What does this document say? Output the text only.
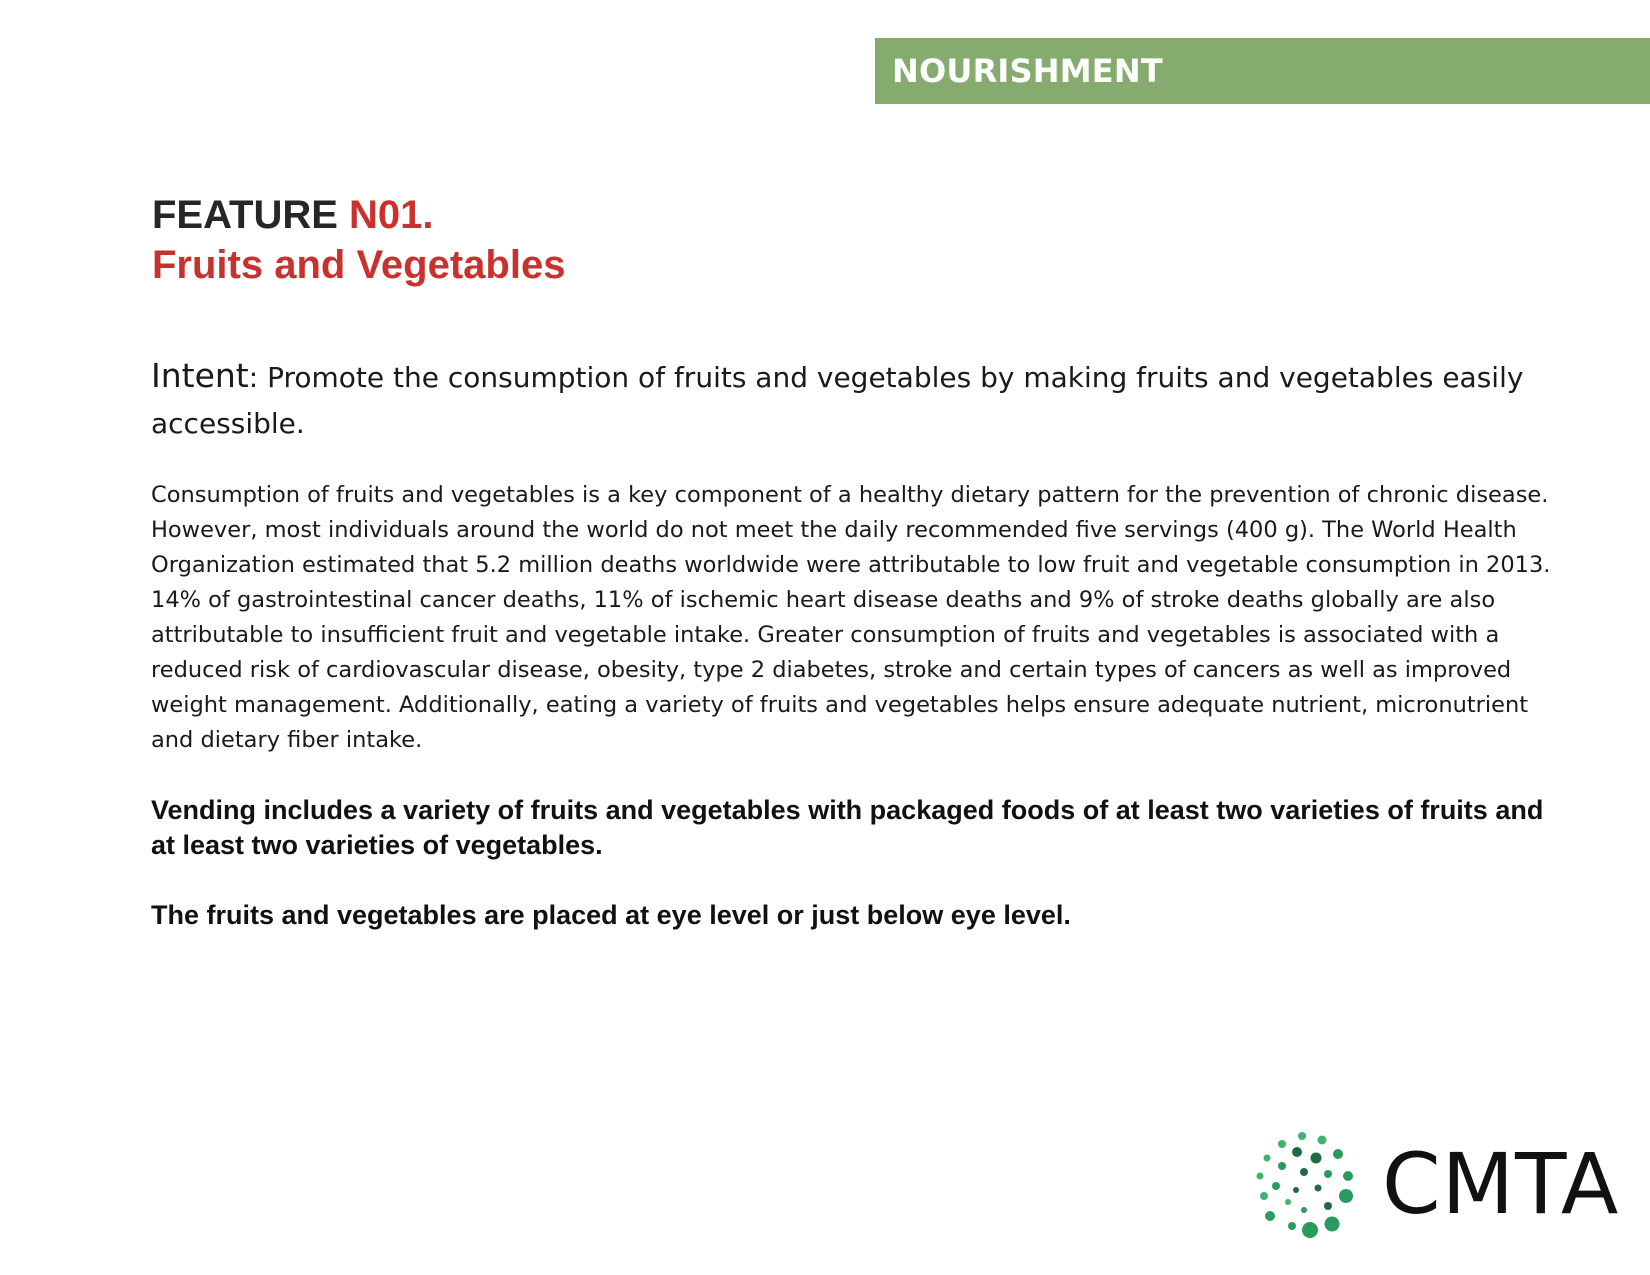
NOURISHMENT
FEATURE N01.
Fruits and Vegetables
Intent: Promote the consumption of fruits and vegetables by making fruits and vegetables easily accessible.

Consumption of fruits and vegetables is a key component of a healthy dietary pattern for the prevention of chronic disease. However, most individuals around the world do not meet the daily recommended five servings (400 g). The World Health Organization estimated that 5.2 million deaths worldwide were attributable to low fruit and vegetable consumption in 2013. 14% of gastrointestinal cancer deaths, 11% of ischemic heart disease deaths and 9% of stroke deaths globally are also attributable to insufficient fruit and vegetable intake. Greater consumption of fruits and vegetables is associated with a reduced risk of cardiovascular disease, obesity, type 2 diabetes, stroke and certain types of cancers as well as improved weight management. Additionally, eating a variety of fruits and vegetables helps ensure adequate nutrient, micronutrient and dietary fiber intake.

Vending includes a variety of fruits and vegetables with packaged foods of at least two varieties of fruits and at least two varieties of vegetables.

The fruits and vegetables are placed at eye level or just below eye level.

CMTA
